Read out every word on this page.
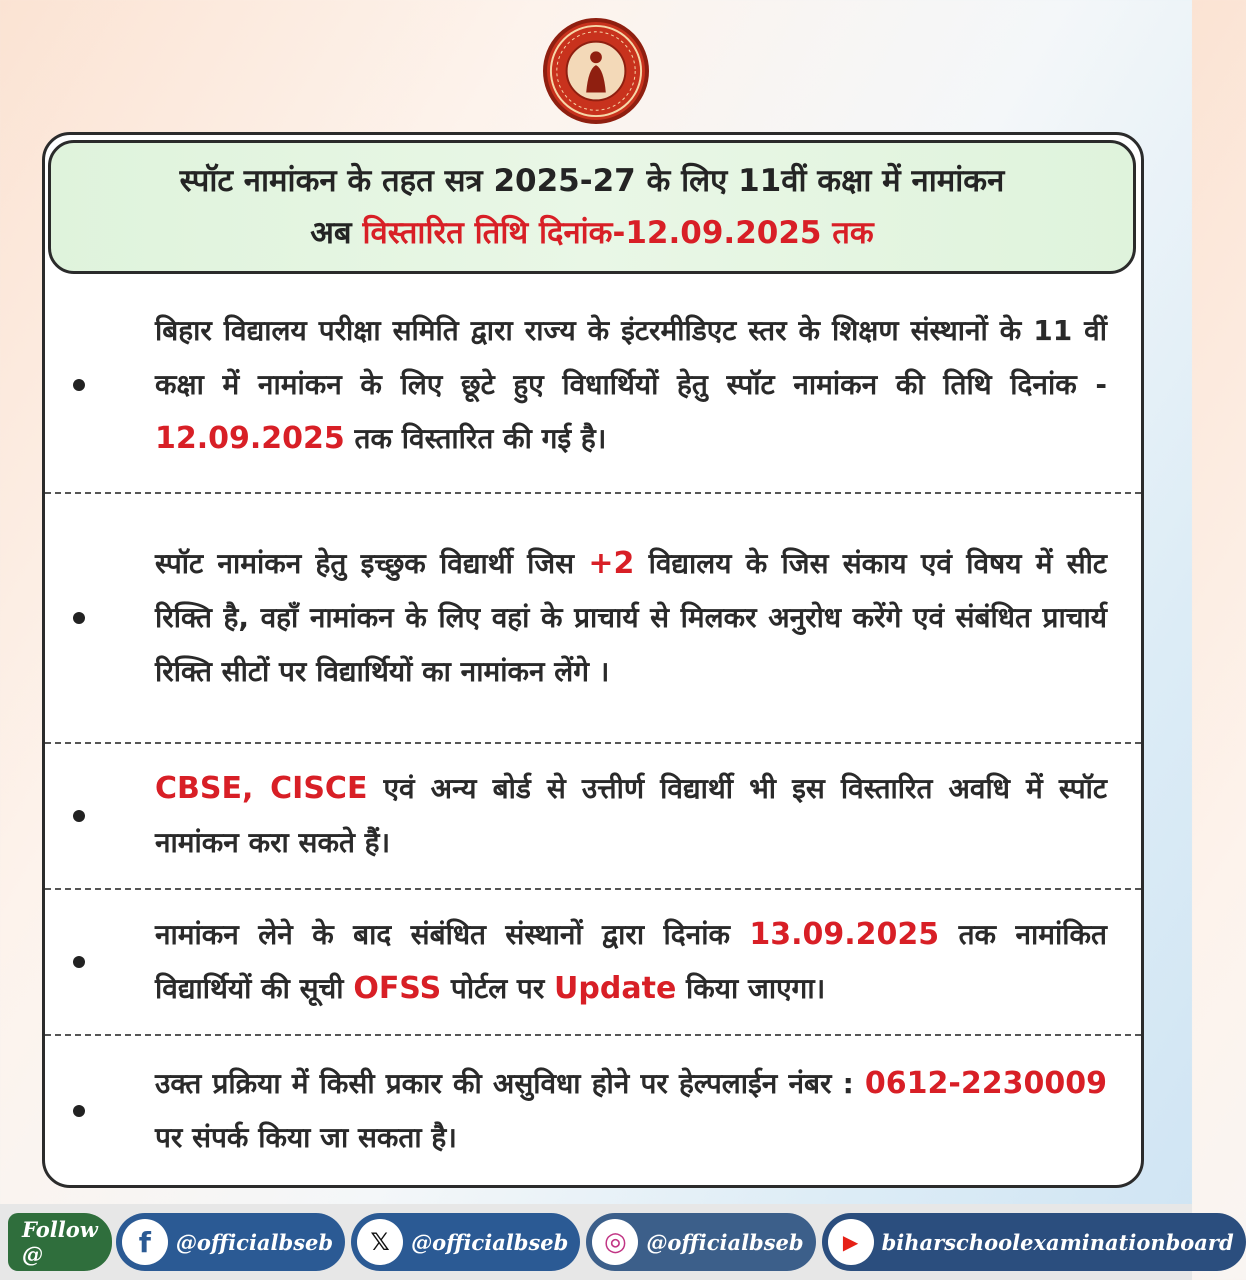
स्पॉट नामांकन के तहत सत्र 2025-27 के लिए 11वीं कक्षा में नामांकन
अब विस्तारित तिथि दिनांक-12.09.2025 तक

बिहार विद्यालय परीक्षा समिति द्वारा राज्य के इंटरमीडिएट स्तर के शिक्षण संस्थानों के 11 वीं कक्षा में नामांकन के लिए छूटे हुए विधार्थियों हेतु स्पॉट नामांकन की तिथि दिनांक - 12.09.2025 तक विस्तारित की गई है।

स्पॉट नामांकन हेतु इच्छुक विद्यार्थी जिस +2 विद्यालय के जिस संकाय एवं विषय में सीट रिक्ति है, वहाँ नामांकन के लिए वहां के प्राचार्य से मिलकर अनुरोध करेंगे एवं संबंधित प्राचार्य रिक्ति सीटों पर विद्यार्थियों का नामांकन लेंगे ।

CBSE, CISCE एवं अन्य बोर्ड से उत्तीर्ण विद्यार्थी भी इस विस्तारित अवधि में स्पॉट नामांकन करा सकते हैं।

नामांकन लेने के बाद संबंधित संस्थानों द्वारा दिनांक 13.09.2025 तक नामांकित विद्यार्थियों की सूची OFSS पोर्टल पर Update किया जाएगा।

उक्त प्रक्रिया में किसी प्रकार की असुविधा होने पर हेल्पलाईन नंबर : 0612-2230009 पर संपर्क किया जा सकता है।

Follow @	f @officialbseb 𝕏 @officialbseb ◎ @officialbseb ▶ biharschoolexaminationboard
